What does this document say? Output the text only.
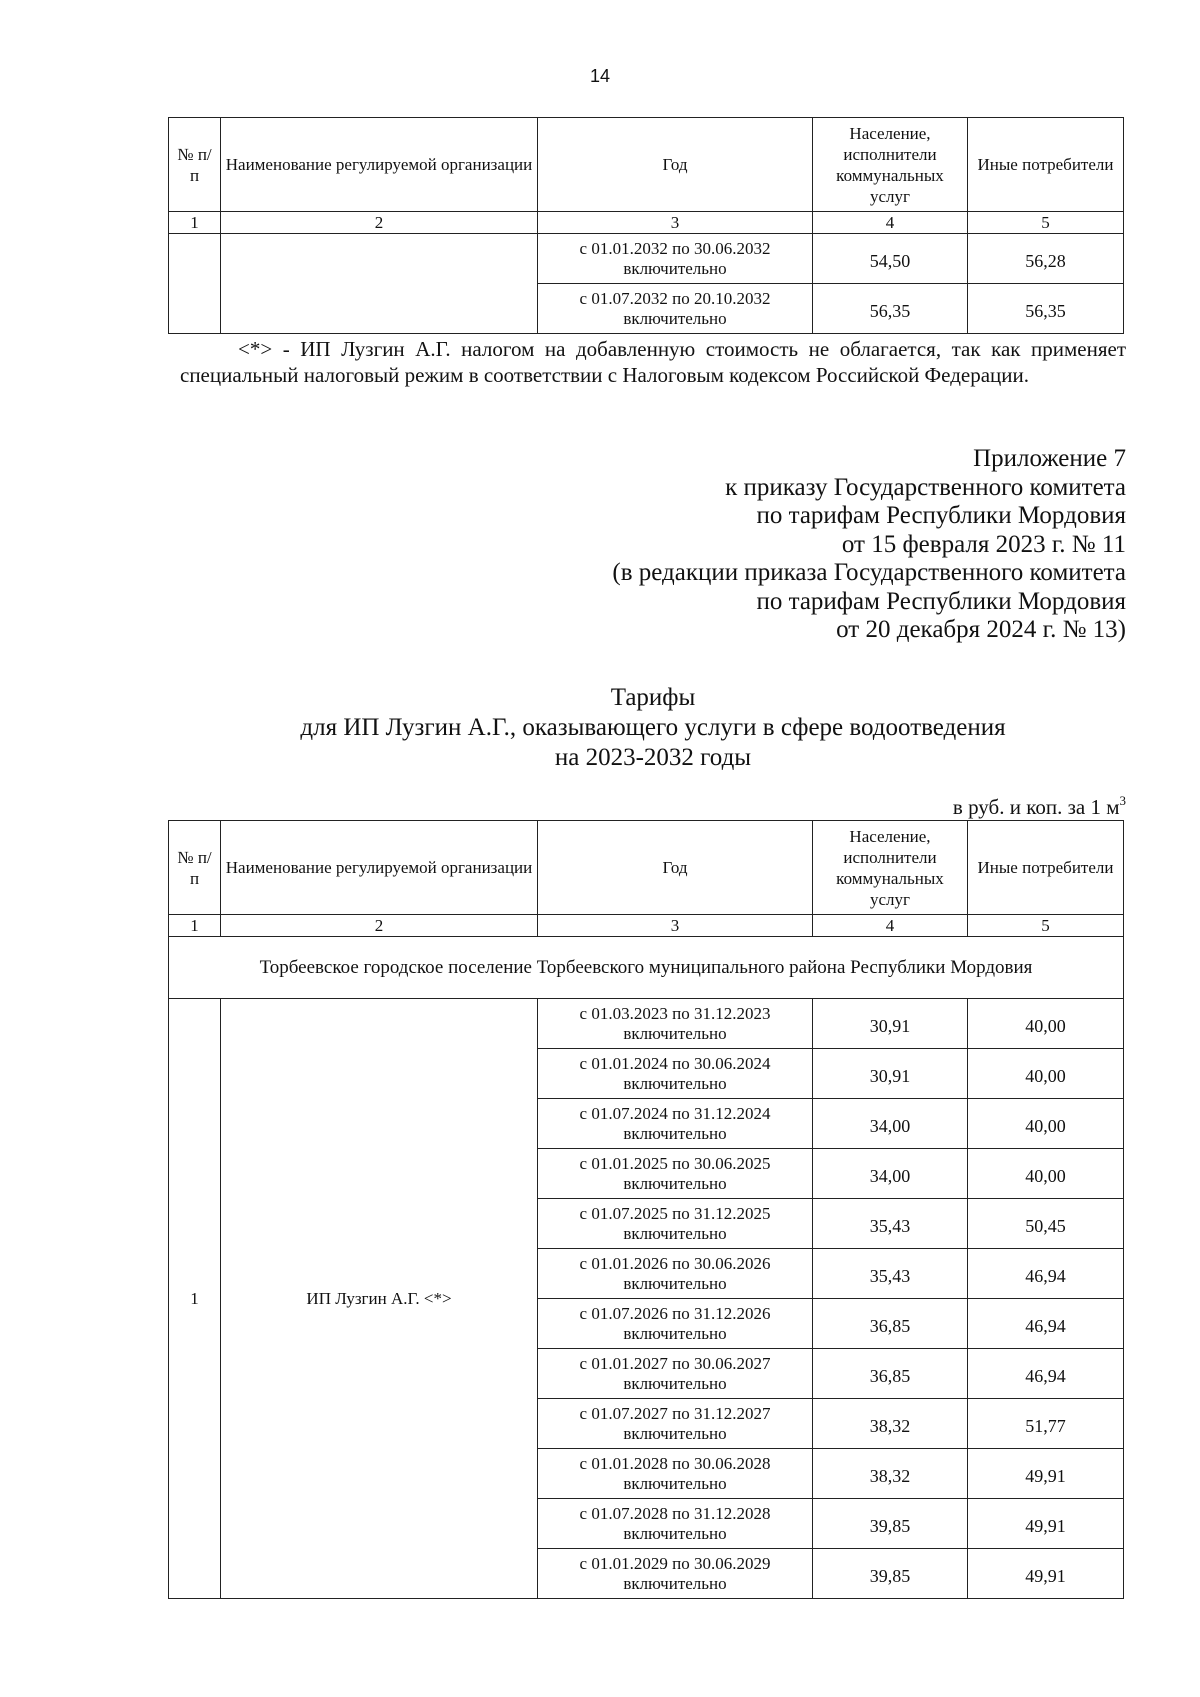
14
№ п/п	Наименование регулируемой организации	Год	Население, исполнители коммунальных услуг	Иные потребители
1	2	3	4	5
		с 01.01.2032 по 30.06.2032 включительно	54,50	56,28
		с 01.07.2032 по 20.10.2032 включительно	56,35	56,35
<*> - ИП Лузгин А.Г. налогом на добавленную стоимость не облагается, так как применяет специальный налоговый режим в соответствии с Налоговым кодексом Российской Федерации.
Приложение 7
к приказу Государственного комитета
по тарифам Республики Мордовия
от 15 февраля 2023 г. № 11
(в редакции приказа Государственного комитета
по тарифам Республики Мордовия
от 20 декабря 2024 г. № 13)
Тарифы
для ИП Лузгин А.Г., оказывающего услуги в сфере водоотведения
на 2023-2032 годы
в руб. и коп. за 1 $м^3$
№ п/п	Наименование регулируемой организации	Год	Население, исполнители коммунальных услуг	Иные потребители
1	2	3	4	5
Торбеевское городское поселение Торбеевского муниципального района Республики Мордовия				
1	ИП Лузгин А.Г. <*>	с 01.03.2023 по 31.12.2023 включительно	30,91	40,00
		с 01.01.2024 по 30.06.2024 включительно	30,91	40,00
		с 01.07.2024 по 31.12.2024 включительно	34,00	40,00
		с 01.01.2025 по 30.06.2025 включительно	34,00	40,00
		с 01.07.2025 по 31.12.2025 включительно	35,43	50,45
		с 01.01.2026 по 30.06.2026 включительно	35,43	46,94
		с 01.07.2026 по 31.12.2026 включительно	36,85	46,94
		с 01.01.2027 по 30.06.2027 включительно	36,85	46,94
		с 01.07.2027 по 31.12.2027 включительно	38,32	51,77
		с 01.01.2028 по 30.06.2028 включительно	38,32	49,91
		с 01.07.2028 по 31.12.2028 включительно	39,85	49,91
		с 01.01.2029 по 30.06.2029 включительно	39,85	49,91
